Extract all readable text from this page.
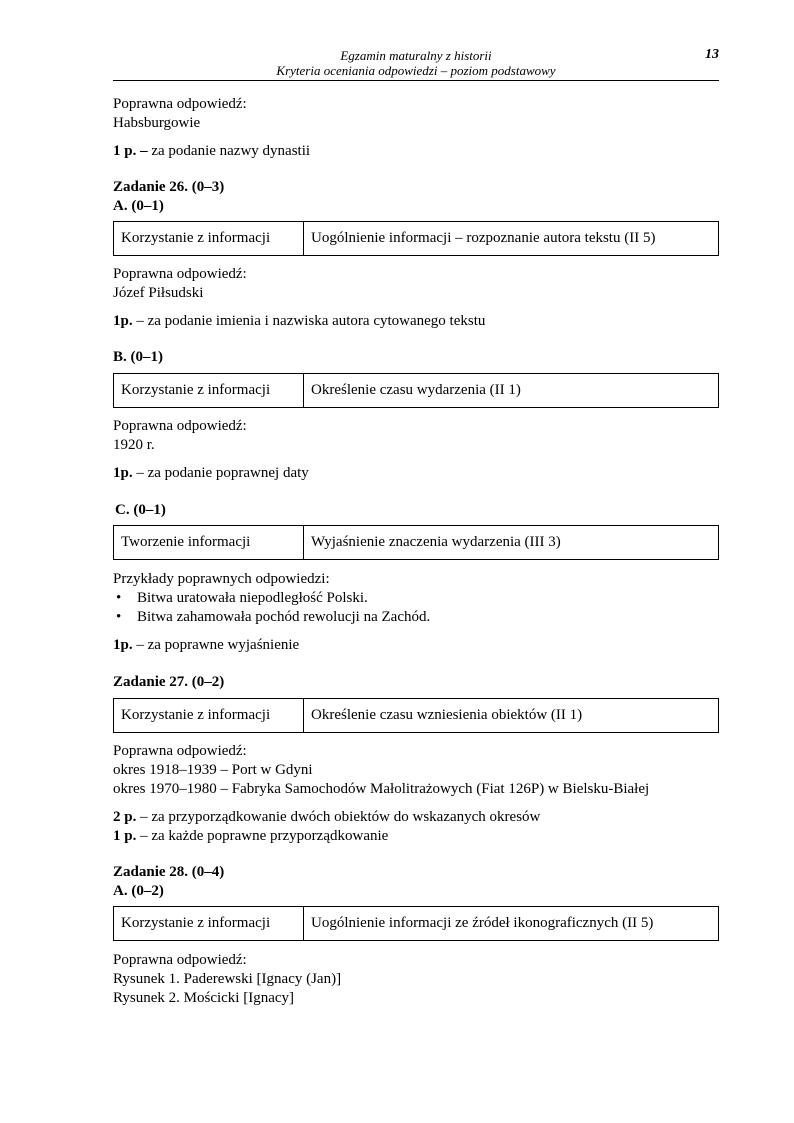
Egzamin maturalny z historii
Kryteria oceniania odpowiedzi – poziom podstawowy
13
Poprawna odpowiedź:
Habsburgowie
1 p. – za podanie nazwy dynastii
Zadanie 26. (0–3)
A. (0–1)
Korzystanie z informacji	Uogólnienie informacji – rozpoznanie autora tekstu (II 5)
Poprawna odpowiedź:
Józef Piłsudski
1p. – za podanie imienia i nazwiska autora cytowanego tekstu
B. (0–1)
Korzystanie z informacji	Określenie czasu wydarzenia (II 1)
Poprawna odpowiedź:
1920 r.
1p. – za podanie poprawnej daty
C. (0–1)
Tworzenie informacji	Wyjaśnienie znaczenia wydarzenia (III 3)
Przykłady poprawnych odpowiedzi:
• Bitwa uratowała niepodległość Polski.
• Bitwa zahamowała pochód rewolucji na Zachód.
1p. – za poprawne wyjaśnienie
Zadanie 27. (0–2)
Korzystanie z informacji	Określenie czasu wzniesienia obiektów (II 1)
Poprawna odpowiedź:
okres 1918–1939 – Port w Gdyni
okres 1970–1980 – Fabryka Samochodów Małolitrażowych (Fiat 126P) w Bielsku-Białej
2 p. – za przyporządkowanie dwóch obiektów do wskazanych okresów
1 p. – za każde poprawne przyporządkowanie
Zadanie 28. (0–4)
A. (0–2)
Korzystanie z informacji	Uogólnienie informacji ze źródeł ikonograficznych (II 5)
Poprawna odpowiedź:
Rysunek 1. Paderewski [Ignacy (Jan)]
Rysunek 2. Mościcki [Ignacy]
